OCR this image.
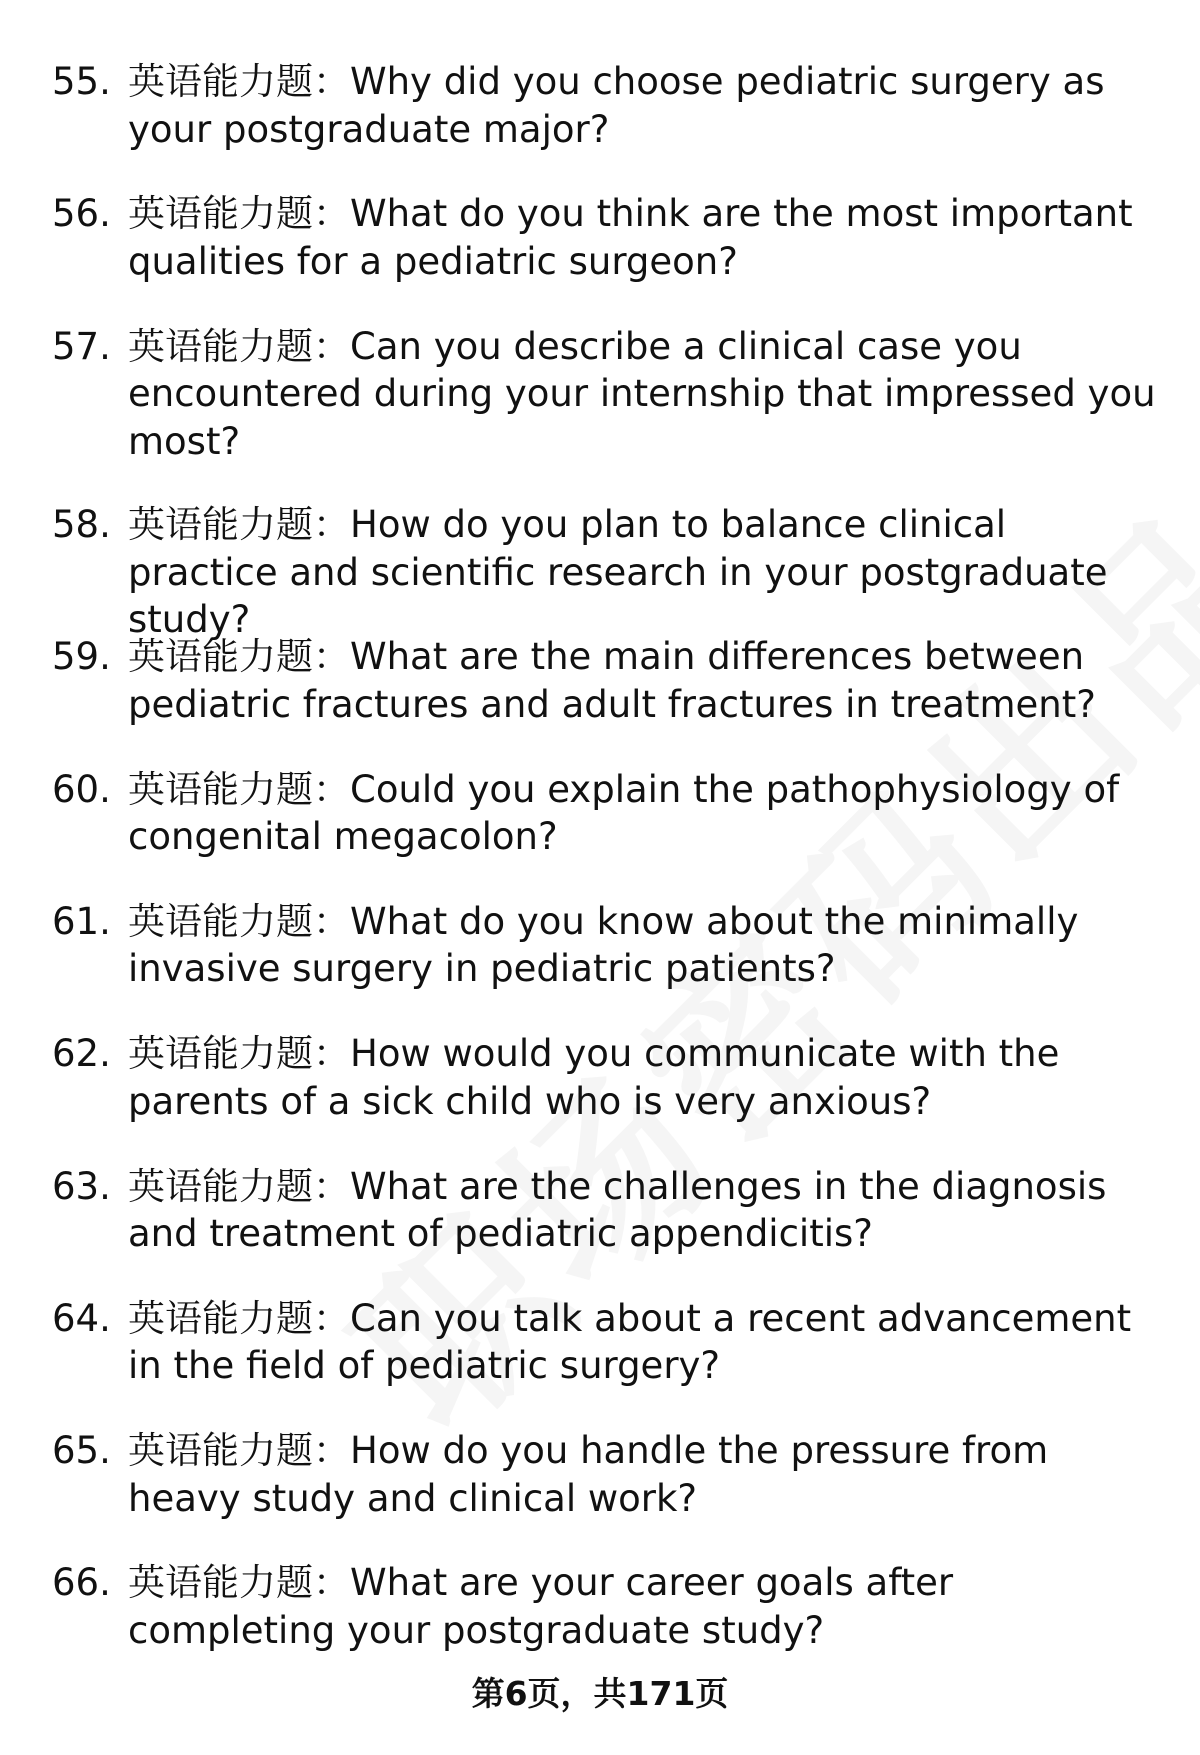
55. 英语能力题：Why did you choose pediatric surgery as your postgraduate major?
56. 英语能力题：What do you think are the most important qualities for a pediatric surgeon?
57. 英语能力题：Can you describe a clinical case you encountered during your internship that impressed you most?
58. 英语能力题：How do you plan to balance clinical practice and scientific research in your postgraduate study?
59. 英语能力题：What are the main differences between pediatric fractures and adult fractures in treatment?
60. 英语能力题：Could you explain the pathophysiology of congenital megacolon?
61. 英语能力题：What do you know about the minimally invasive surgery in pediatric patients?
62. 英语能力题：How would you communicate with the parents of a sick child who is very anxious?
63. 英语能力题：What are the challenges in the diagnosis and treatment of pediatric appendicitis?
64. 英语能力题：Can you talk about a recent advancement in the field of pediatric surgery?
65. 英语能力题：How do you handle the pressure from heavy study and clinical work?
66. 英语能力题：What are your career goals after completing your postgraduate study?
第6页，共171页
